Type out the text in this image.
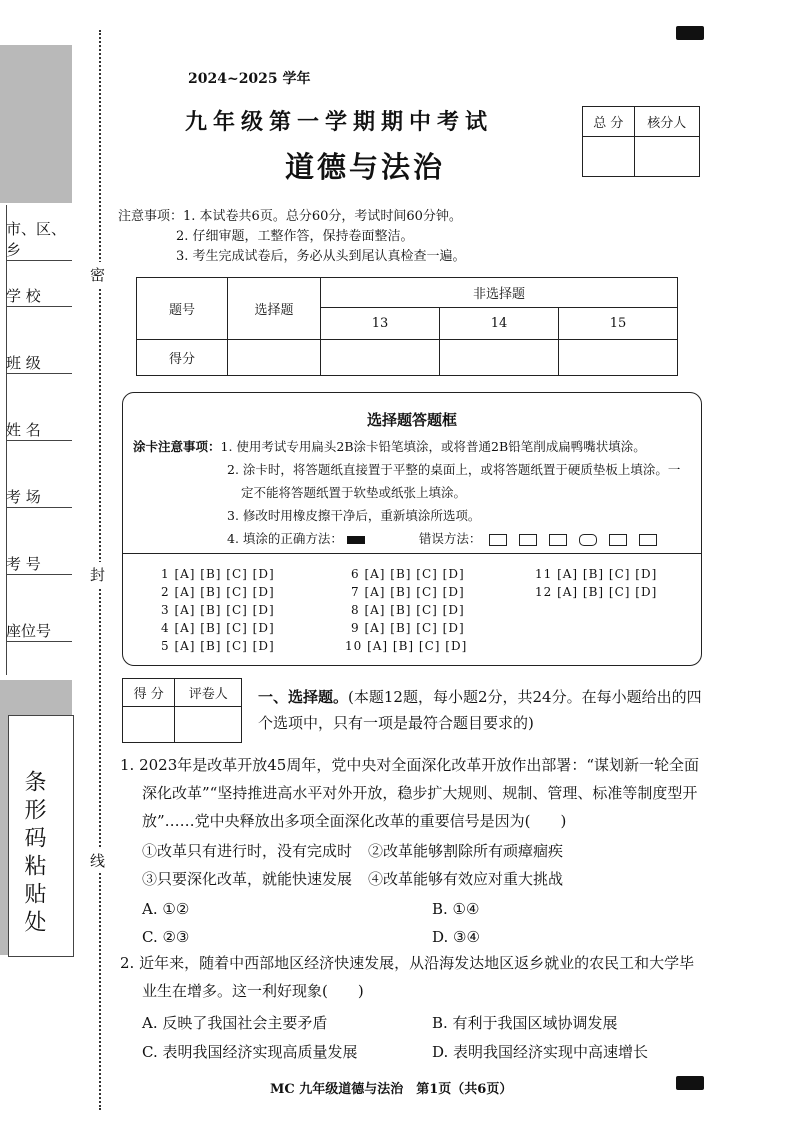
市、区、乡
学 校
班 级
姓 名
考 场
考 号
座位号
条形码粘贴处
密
封
线
2024~2025 学年
九年级第一学期期中考试
道德与法治
总 分	核分人

注意事项：1. 本试卷共6页。总分60分，考试时间60分钟。
2. 仔细审题，工整作答，保持卷面整洁。
3. 考生完成试卷后，务必从头到尾认真检查一遍。
题号	选择题	非选择题		
		13	14	15
得分				
选择题答题框
涂卡注意事项：1. 使用考试专用扁头2B涂卡铅笔填涂，或将普通2B铅笔削成扁鸭嘴状填涂。
2. 涂卡时，将答题纸直接置于平整的桌面上，或将答题纸置于硬质垫板上填涂。一
定不能将答题纸置于软垫或纸张上填涂。
3. 修改时用橡皮擦干净后，重新填涂所选项。
4. 填涂的正确方法：	错误方法：
1 [A] [B] [C] [D]
2 [A] [B] [C] [D]
3 [A] [B] [C] [D]
4 [A] [B] [C] [D]
5 [A] [B] [C] [D]
6 [A] [B] [C] [D]
7 [A] [B] [C] [D]
8 [A] [B] [C] [D]
9 [A] [B] [C] [D]
10 [A] [B] [C] [D]
11 [A] [B] [C] [D]
12 [A] [B] [C] [D]
得 分	评卷人
	一、选择题。(本题12题，每小题2分，共24分。在每小题给出的四
个选项中，只有一项是最符合题目要求的)
1. 2023年是改革开放45周年，党中央对全面深化改革开放作出部署：“谋划新一轮全面
深化改革”“坚持推进高水平对外开放，稳步扩大规则、规制、管理、标准等制度型开
放”……党中央释放出多项全面深化改革的重要信号是因为(　　)
①改革只有进行时，没有完成时 ②改革能够割除所有顽瘴痼疾
③只要深化改革，就能快速发展 ④改革能够有效应对重大挑战
A. ①②	B. ①④
C. ②③	D. ③④
2. 近年来，随着中西部地区经济快速发展，从沿海发达地区返乡就业的农民工和大学毕
业生在增多。这一利好现象(　　)
A. 反映了我国社会主要矛盾	B. 有利于我国区域协调发展
C. 表明我国经济实现高质量发展	D. 表明我国经济实现中高速增长
MC 九年级道德与法治　第1页（共6页）
